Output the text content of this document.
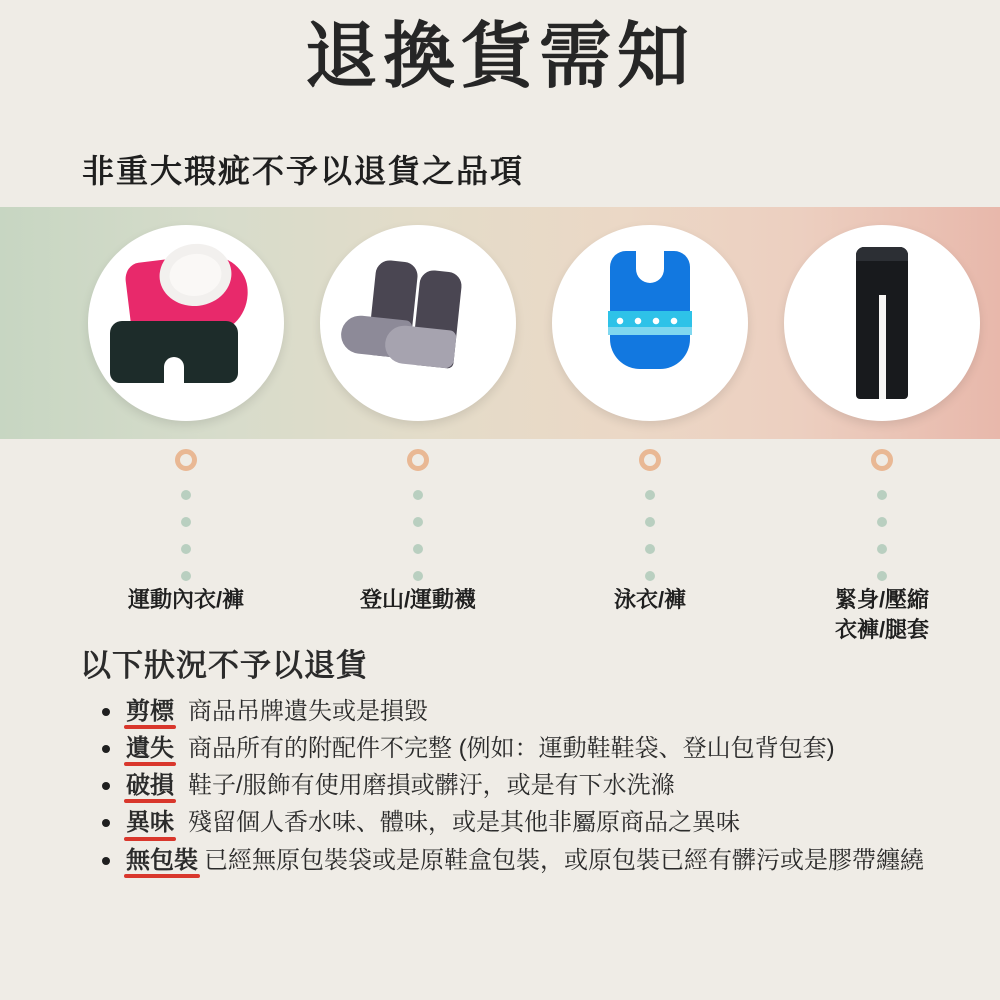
退換貨需知
非重大瑕疵不予以退貨之品項
運動內衣/褲	登山/運動襪	泳衣/褲	緊身/壓縮
衣褲/腿套
以下狀況不予以退貨
剪標 商品吊牌遺失或是損毀
遺失 商品所有的附配件不完整 (例如：運動鞋鞋袋、登山包背包套)
破損 鞋子/服飾有使用磨損或髒汙，或是有下水洗滌
異味 殘留個人香水味、體味，或是其他非屬原商品之異味
無包裝 已經無原包裝袋或是原鞋盒包裝，或原包裝已經有髒污或是膠帶纏繞
